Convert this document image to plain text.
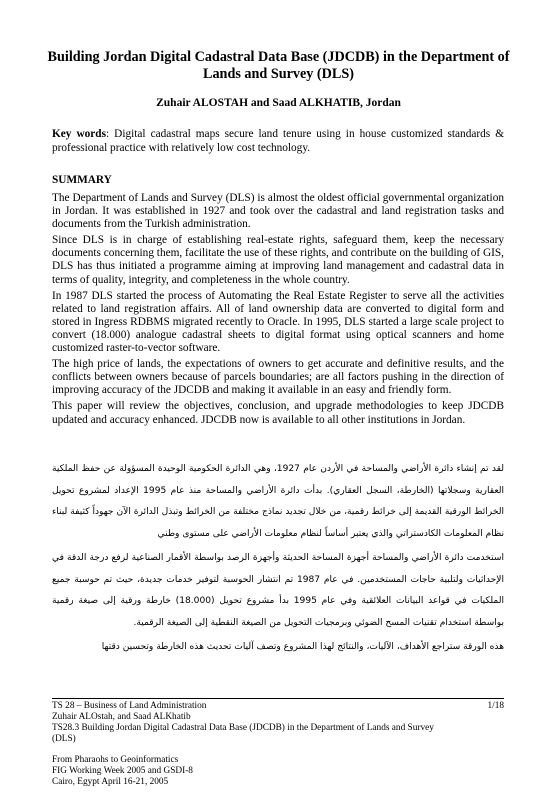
Building Jordan Digital Cadastral Data Base (JDCDB) in the Department of Lands and Survey (DLS)
Zuhair ALOSTAH and Saad ALKHATIB, Jordan
Key words: Digital cadastral maps secure land tenure using in house customized standards & professional practice with relatively low cost technology.
SUMMARY

The Department of Lands and Survey (DLS) is almost the oldest official governmental organization in Jordan. It was established in 1927 and took over the cadastral and land registration tasks and documents from the Turkish administration.

Since DLS is in charge of establishing real-estate rights, safeguard them, keep the necessary documents concerning them, facilitate the use of these rights, and contribute on the building of GIS, DLS has thus initiated a programme aiming at improving land management and cadastral data in terms of quality, integrity, and completeness in the whole country.

In 1987 DLS started the process of Automating the Real Estate Register to serve all the activities related to land registration affairs. All of land ownership data are converted to digital form and stored in Ingress RDBMS migrated recently to Oracle. In 1995, DLS started a large scale project to convert (18.000) analogue cadastral sheets to digital format using optical scanners and home customized raster-to-vector software.

The high price of lands, the expectations of owners to get accurate and definitive results, and the conflicts between owners because of parcels boundaries; are all factors pushing in the direction of improving accuracy of the JDCDB and making it available in an easy and friendly form.

This paper will review the objectives, conclusion, and upgrade methodologies to keep JDCDB updated and accuracy enhanced. JDCDB now is available to all other institutions in Jordan.

لقد تم إنشاء دائرة الأراضي والمساحة في الأردن عام 1927، وهي الدائرة الحكومية الوحيدة المسؤولة عن حفظ الملكية العقارية وسجلاتها (الخارطة، السجل العقاري). بدأت دائرة الأراضي والمساحة منذ عام 1995 الإعداد لمشروع تحويل الخرائط الورقية القديمة إلى خرائط رقمية، من خلال تجديد نماذج مختلفة من الخرائط وتبذل الدائرة الآن جهوداً كثيفة لبناء نظام المعلومات الكادستراتي والذي يعتبر أساساً لنظام معلومات الأراضي على مستوى وطني

استخدمت دائرة الأراضي والمساحة أجهزة المساحة الحديثة وأجهزة الرصد بواسطة الأقمار الصناعية لرفع درجة الدقة في الإحداثيات ولتلبية حاجات المستخدمين. في عام 1987 تم انتشار الحوسبة لتوفير خدمات جديدة، حيث تم حوسبة جميع الملكيات في قواعد البيانات العلائقية وفي عام 1995 بدأ مشروع تحويل (18.000) خارطة ورقية إلى صيغة رقمية بواسطة استخدام تقنيات المسح الضوئي وبرمجيات التحويل من الصيغة النقطية إلى الصيغة الرقمية.

هذه الورقة ستراجع الأهداف، الآليات، والنتائج لهذا المشروع وتصف آليات تحديث هذه الخارطة وتحسين دقتها

TS 28 – Business of Land Administration	1/18
Zuhair ALOstah, and Saad ALKhatib
TS28.3 Building Jordan Digital Cadastral Data Base (JDCDB) in the Department of Lands and Survey
(DLS)
From Pharaohs to Geoinformatics
FIG Working Week 2005 and GSDI-8
Cairo, Egypt April 16-21, 2005
